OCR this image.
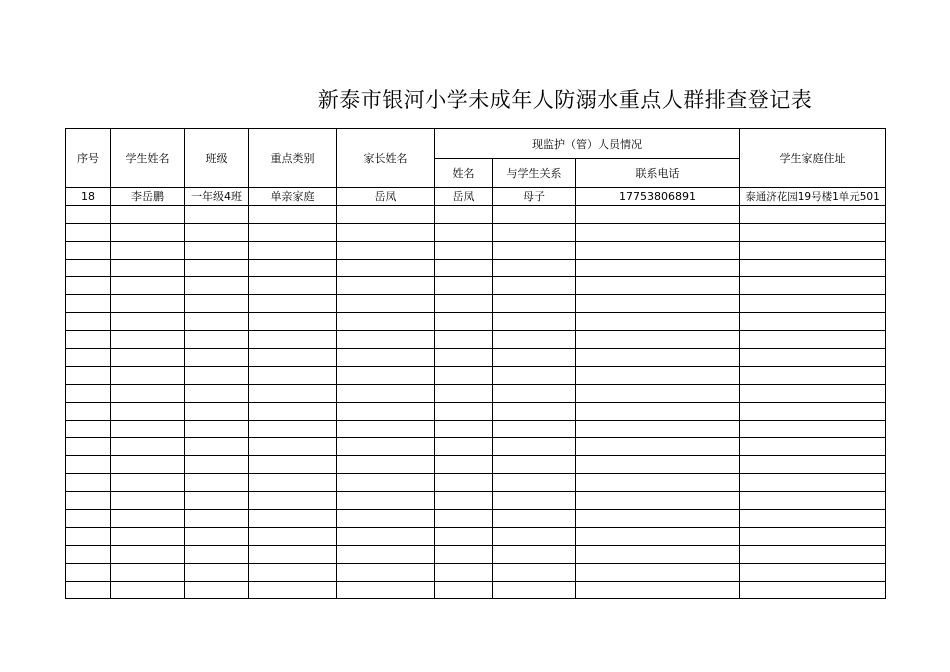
新泰市银河小学未成年人防溺水重点人群排查登记表
序号	学生姓名	班级	重点类别	家长姓名	现监护（管）人员情况			学生家庭住址
					姓名	与学生关系	联系电话	
18	李岳鹏	一年级4班	单亲家庭	岳凤	岳凤	母子	17753806891	泰通济花园19号楼1单元501
